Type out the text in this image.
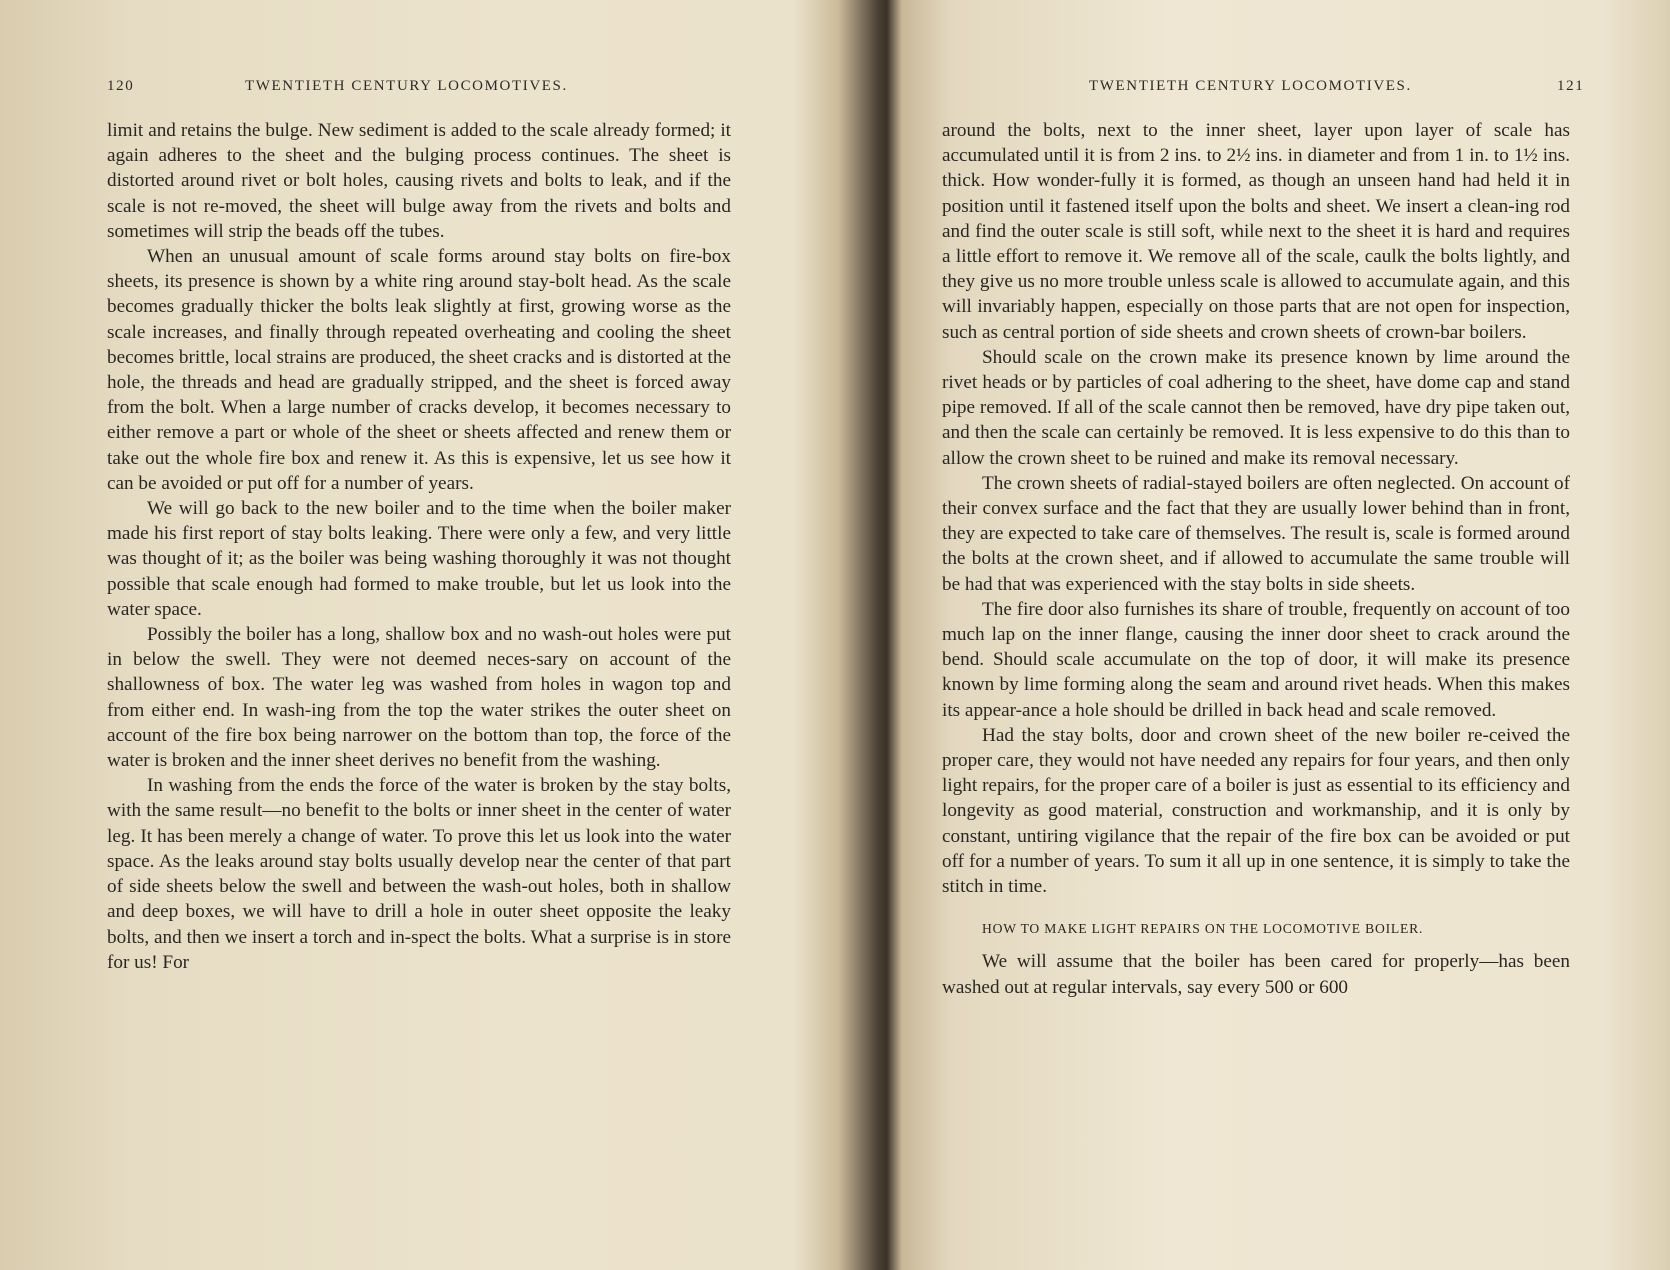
120	TWENTIETH CENTURY LOCOMOTIVES.

limit and retains the bulge. New sediment is added to the scale already formed; it again adheres to the sheet and the bulging process continues. The sheet is distorted around rivet or bolt holes, causing rivets and bolts to leak, and if the scale is not re-moved, the sheet will bulge away from the rivets and bolts and sometimes will strip the beads off the tubes.

When an unusual amount of scale forms around stay bolts on fire-box sheets, its presence is shown by a white ring around stay-bolt head. As the scale becomes gradually thicker the bolts leak slightly at first, growing worse as the scale increases, and finally through repeated overheating and cooling the sheet becomes brittle, local strains are produced, the sheet cracks and is distorted at the hole, the threads and head are gradually stripped, and the sheet is forced away from the bolt. When a large number of cracks develop, it becomes necessary to either remove a part or whole of the sheet or sheets affected and renew them or take out the whole fire box and renew it. As this is expensive, let us see how it can be avoided or put off for a number of years.

We will go back to the new boiler and to the time when the boiler maker made his first report of stay bolts leaking. There were only a few, and very little was thought of it; as the boiler was being washing thoroughly it was not thought possible that scale enough had formed to make trouble, but let us look into the water space.

Possibly the boiler has a long, shallow box and no wash-out holes were put in below the swell. They were not deemed neces-sary on account of the shallowness of box. The water leg was washed from holes in wagon top and from either end. In wash-ing from the top the water strikes the outer sheet on account of the fire box being narrower on the bottom than top, the force of the water is broken and the inner sheet derives no benefit from the washing.

In washing from the ends the force of the water is broken by the stay bolts, with the same result—no benefit to the bolts or inner sheet in the center of water leg. It has been merely a change of water. To prove this let us look into the water space. As the leaks around stay bolts usually develop near the center of that part of side sheets below the swell and between the wash-out holes, both in shallow and deep boxes, we will have to drill a hole in outer sheet opposite the leaky bolts, and then we insert a torch and in-spect the bolts. What a surprise is in store for us! For

TWENTIETH CENTURY LOCOMOTIVES.	121

around the bolts, next to the inner sheet, layer upon layer of scale has accumulated until it is from 2 ins. to 2½ ins. in diameter and from 1 in. to 1½ ins. thick. How wonder-fully it is formed, as though an unseen hand had held it in position until it fastened itself upon the bolts and sheet. We insert a clean-ing rod and find the outer scale is still soft, while next to the sheet it is hard and requires a little effort to remove it. We remove all of the scale, caulk the bolts lightly, and they give us no more trouble unless scale is allowed to accumulate again, and this will invariably happen, especially on those parts that are not open for inspection, such as central portion of side sheets and crown sheets of crown-bar boilers.

Should scale on the crown make its presence known by lime around the rivet heads or by particles of coal adhering to the sheet, have dome cap and stand pipe removed. If all of the scale cannot then be removed, have dry pipe taken out, and then the scale can certainly be removed. It is less expensive to do this than to allow the crown sheet to be ruined and make its removal necessary.

The crown sheets of radial-stayed boilers are often neglected. On account of their convex surface and the fact that they are usually lower behind than in front, they are expected to take care of themselves. The result is, scale is formed around the bolts at the crown sheet, and if allowed to accumulate the same trouble will be had that was experienced with the stay bolts in side sheets.

The fire door also furnishes its share of trouble, frequently on account of too much lap on the inner flange, causing the inner door sheet to crack around the bend. Should scale accumulate on the top of door, it will make its presence known by lime forming along the seam and around rivet heads. When this makes its appear-ance a hole should be drilled in back head and scale removed.

Had the stay bolts, door and crown sheet of the new boiler re-ceived the proper care, they would not have needed any repairs for four years, and then only light repairs, for the proper care of a boiler is just as essential to its efficiency and longevity as good material, construction and workmanship, and it is only by constant, untiring vigilance that the repair of the fire box can be avoided or put off for a number of years. To sum it all up in one sentence, it is simply to take the stitch in time.

HOW TO MAKE LIGHT REPAIRS ON THE LOCOMOTIVE BOILER.

We will assume that the boiler has been cared for properly—has been washed out at regular intervals, say every 500 or 600
